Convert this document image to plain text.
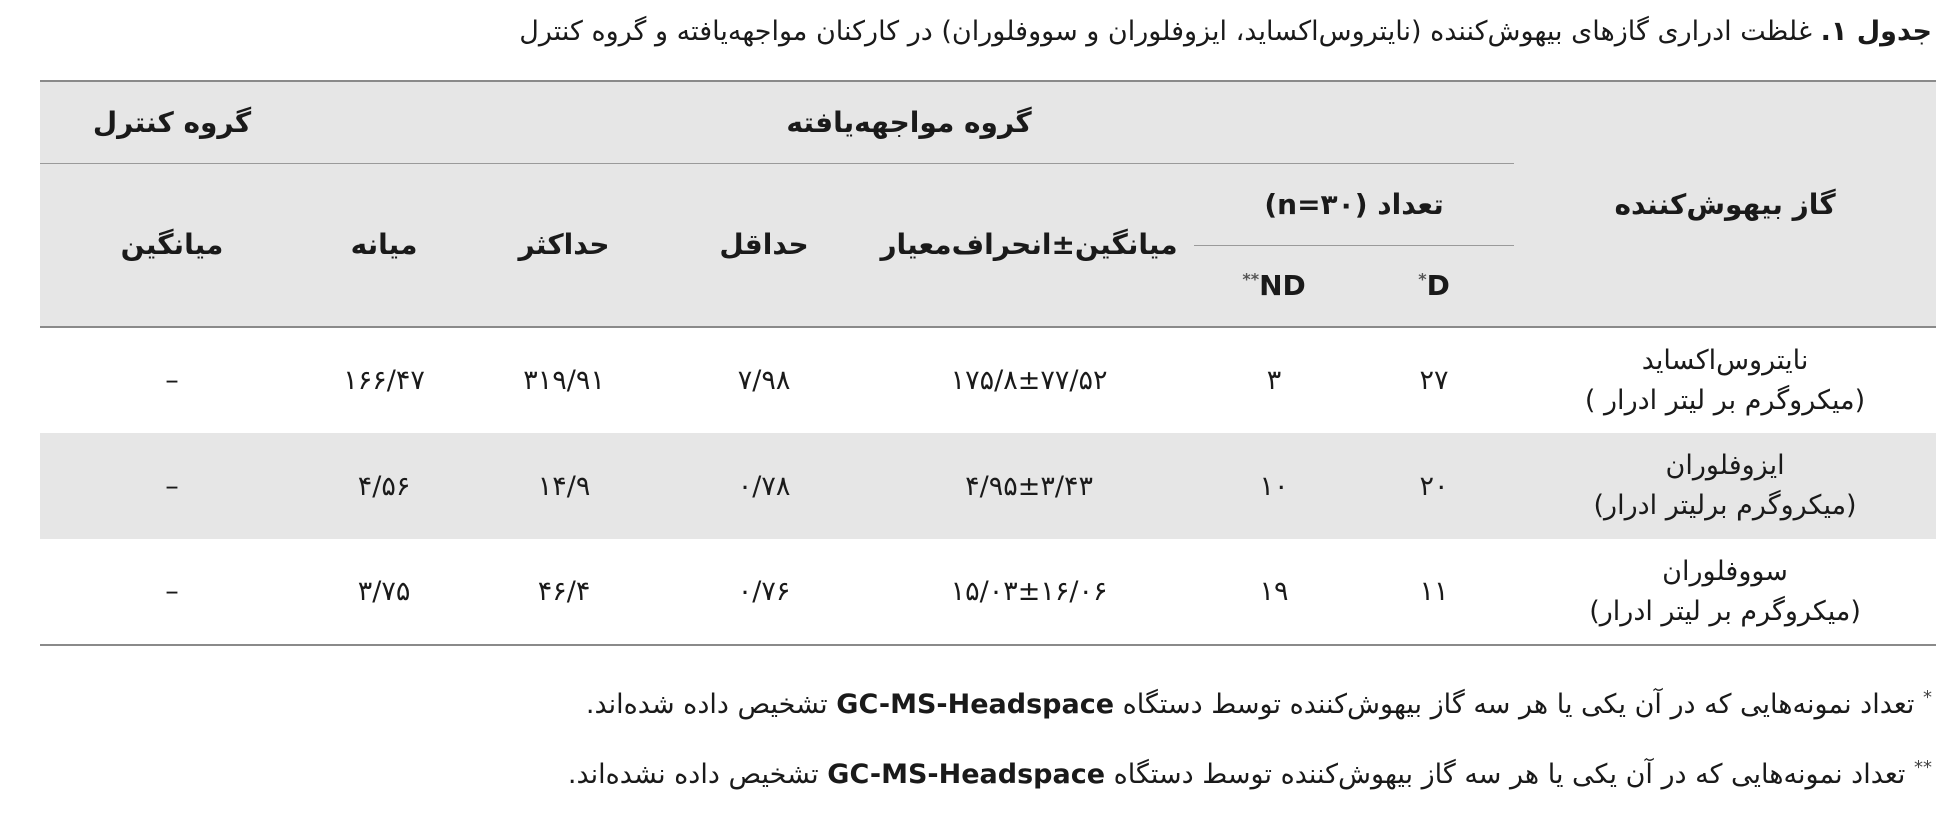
جدول ۱. غلظت ادراری گازهای بیهوش‌کننده (نایتروس‌اکساید، ایزوفلوران و سووفلوران) در کارکنان مواجهه‌یافته و گروه کنترل
گاز بیهوش‌کننده	گروه مواجهه‌یافته						گروه کنترل
	تعداد (n=۳۰)		میانگین±انحراف‌معیار	حداقل	حداکثر	میانه	میانگین
	D*	ND**

نایتروس‌اکساید
(میکروگرم بر لیتر ادرار )	۲۷	۳	۱۷۵/۸±۷۷/۵۲	۷/۹۸	۳۱۹/۹۱	۱۶۶/۴۷	–

ایزوفلوران
(میکروگرم برلیتر ادرار)	۲۰	۱۰	۴/۹۵±۳/۴۳	۰/۷۸	۱۴/۹	۴/۵۶	–

سووفلوران
(میکروگرم بر لیتر ادرار)	۱۱	۱۹	۱۵/۰۳±۱۶/۰۶	۰/۷۶	۴۶/۴	۳/۷۵	–
* تعداد نمونه‌هایی که در آن یکی یا هر سه گاز بیهوش‌کننده توسط دستگاه GC-MS-Headspace تشخیص داده شده‌اند.
** تعداد نمونه‌هایی که در آن یکی یا هر سه گاز بیهوش‌کننده توسط دستگاه GC-MS-Headspace تشخیص داده نشده‌اند.
